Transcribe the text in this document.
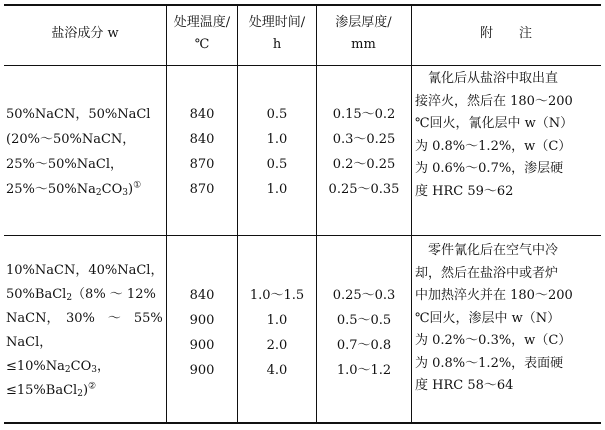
盐浴成分 w
处理温度/
℃
处理时间/
h
渗层厚度/
mm
附　　注
50%NaCN，50%NaCl
(20%～50%NaCN，
25%～50%NaCl，
$25\%\sim 50\%Na_2CO_3)^①$
840
840
870
870
0.5
1.0
0.5
1.0
0.15～0.2
0.3～0.25
0.2～0.25
0.25～0.35
　氰化后从盐浴中取出直
接淬火，然后在 180～200
℃回火，氰化层中 w（N）
为 0.8%～1.2%，w（C）
为 0.6%～0.7%，渗层硬
度 HRC 59～62
10%NaCN，40%NaCl，
50%BaCl$_2$（8% ～ 12%
NaCN，　30%　～　55%
NaCl，
$\le 10\%Na_2CO_3$，
≤15%BaCl$_2$)②
840
900
900
900
1.0～1.5
1.0
2.0
4.0
0.25～0.3
0.5～0.5
0.7～0.8
1.0～1.2
　零件氰化后在空气中冷
却，然后在盐浴中或者炉
中加热淬火并在 180～200
℃回火，渗层中 w（N）
为 0.2%～0.3%，w（C）
为 0.8%～1.2%，表面硬
度 HRC 58～64
